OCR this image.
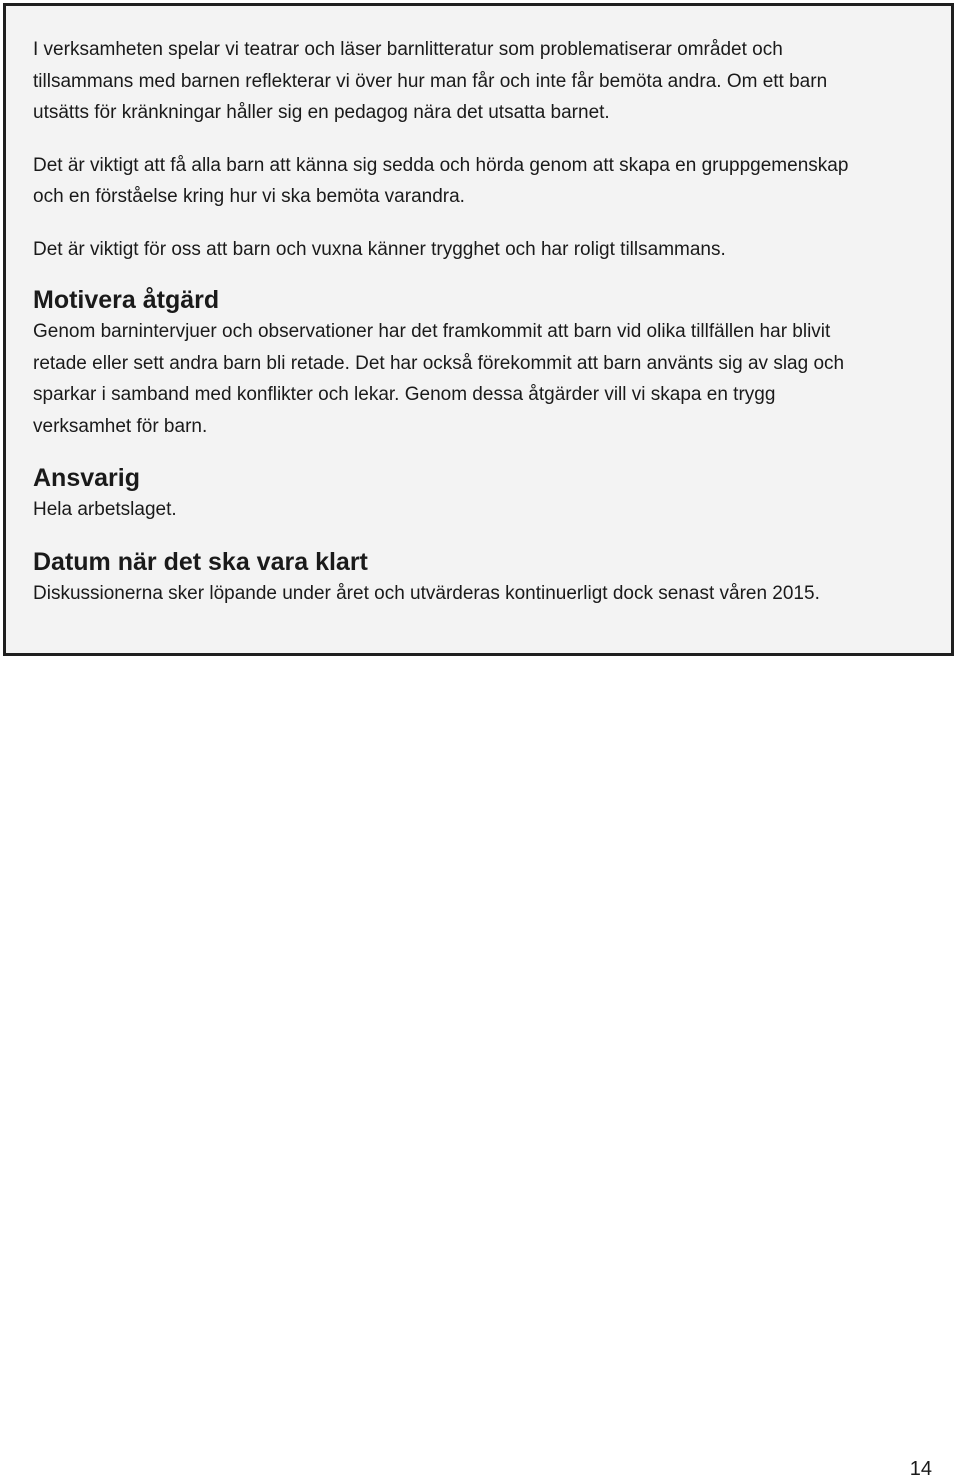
I verksamheten spelar vi teatrar och läser barnlitteratur som problematiserar området och

tillsammans med barnen reflekterar vi över hur man får och inte får bemöta andra. Om ett barn

utsätts för kränkningar håller sig en pedagog nära det utsatta barnet.

Det är viktigt att få alla barn att känna sig sedda och hörda genom att skapa en gruppgemenskap

och en förståelse kring hur vi ska bemöta varandra.

Det är viktigt för oss att barn och vuxna känner trygghet och har roligt tillsammans.

Motivera åtgärd

Genom barnintervjuer och observationer har det framkommit att barn vid olika tillfällen har blivit

retade eller sett andra barn bli retade. Det har också förekommit att barn använts sig av slag och

sparkar i samband med konflikter och lekar. Genom dessa åtgärder vill vi skapa en trygg

verksamhet för barn.

Ansvarig

Hela arbetslaget.

Datum när det ska vara klart

Diskussionerna sker löpande under året och utvärderas kontinuerligt dock senast våren 2015.

14
